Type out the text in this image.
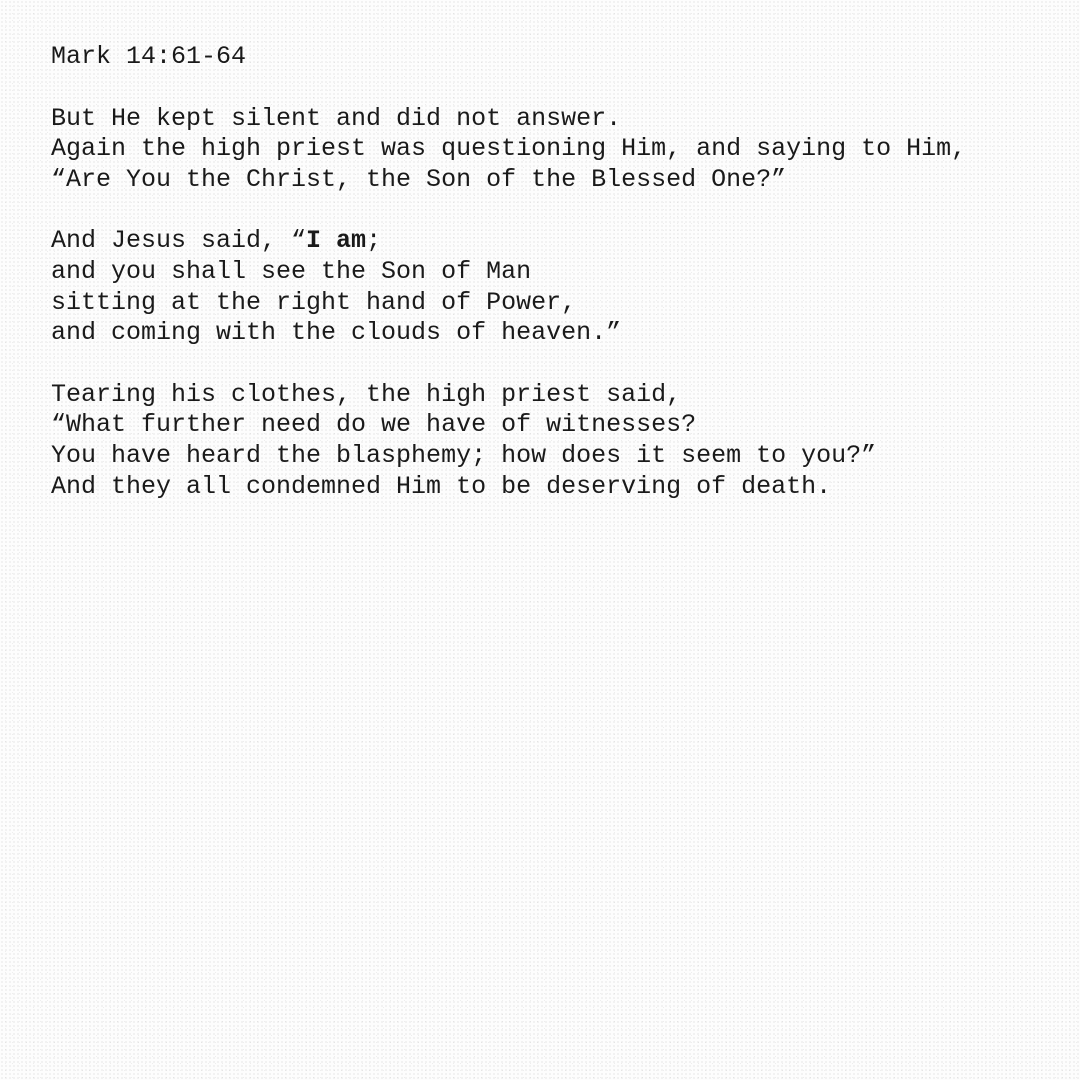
Mark 14:61-64
But He kept silent and did not answer.
Again the high priest was questioning Him, and saying to Him,
“Are You the Christ, the Son of the Blessed One?”
And Jesus said, “I am;
and you shall see the Son of Man
sitting at the right hand of Power,
and coming with the clouds of heaven.”
Tearing his clothes, the high priest said,
“What further need do we have of witnesses?
You have heard the blasphemy; how does it seem to you?”
And they all condemned Him to be deserving of death.
